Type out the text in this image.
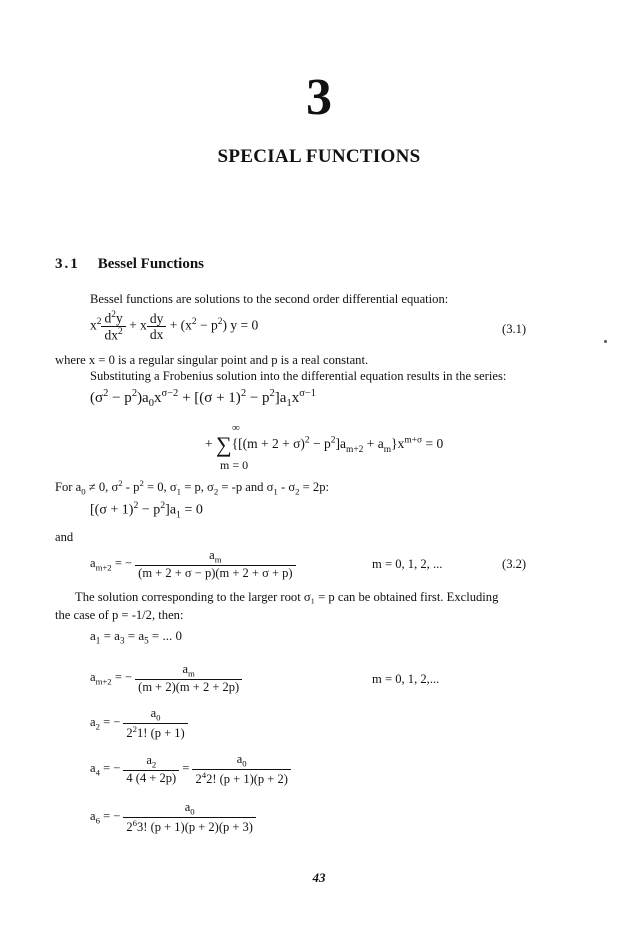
3
SPECIAL FUNCTIONS
3.1 Bessel Functions
Bessel functions are solutions to the second order differential equation:
$x^2 \frac{d^2y}{dx^2} + x \frac{dy}{dx} + (x^2 - p^2) y = 0$	(3.1)
where x = 0 is a regular singular point and p is a real constant.
Substituting a Frobenius solution into the differential equation results in the series:
$(\sigma^2 - p^2)a_0x^{\sigma-2} + [(\sigma + 1)^2 - p^2]a_1x^{\sigma-1}$
∞
+ $\sum\{[(m + 2 + \sigma)^2 - p^2]a_{m+2} + a_m\}x^{m+\sigma} = 0$
m = 0
For $a_0 \ne 0$, $\sigma^2 - p^2 = 0$, $\sigma_1 = p$, $\sigma_2 = -p$ and $\sigma_1 - \sigma_2 = 2p$:
$[(\sigma + 1)^2 - p^2]a_1 = 0$
and
$a_{m+2}$ = − $\frac{a_m}{(m + 2 + \sigma - p)(m + 2 + \sigma + p)}$	m = 0, 1, 2, ...	(3.2)
The solution corresponding to the larger root σ₁ = p can be obtained first. Excluding
the case of p = -1/2, then:
$a_1 = a_3 = a_5$ = ... 0
$a_{m+2}$ = − $\frac{a_m}{(m + 2)(m + 2 + 2p)}$	m = 0, 1, 2,...
$a_2$ = − $\frac{a_0}{2^21! (p + 1)}$
$a_4$ = − $\frac{a_2}{4 (4 + 2p)} = \frac{a_0}{2^42! (p + 1)(p + 2)}$
$a_6$ = − $\frac{a_0}{2^63! (p + 1)(p + 2)(p + 3)}$
43
